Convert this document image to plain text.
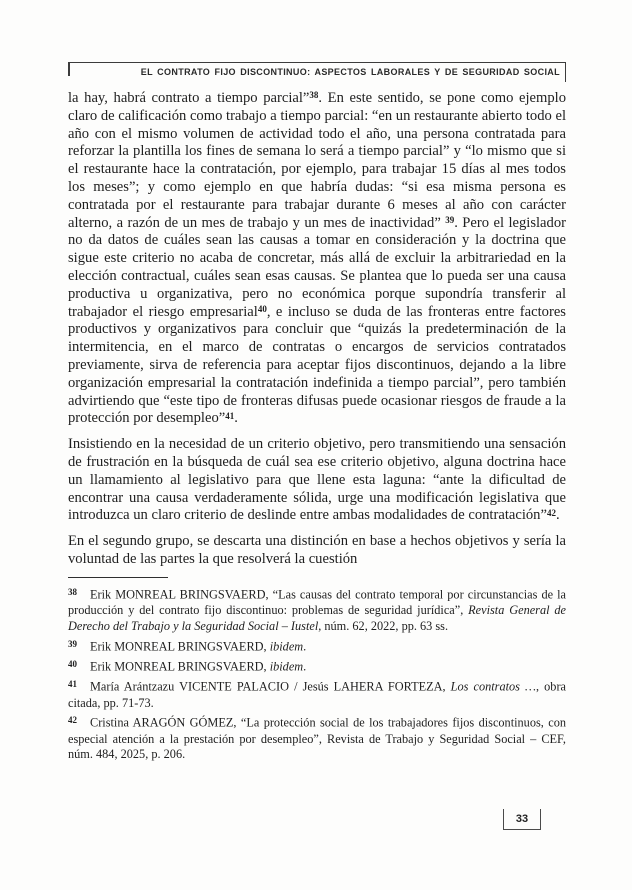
EL CONTRATO FIJO DISCONTINUO: ASPECTOS LABORALES Y DE SEGURIDAD SOCIAL

la hay, habrá contrato a tiempo parcial”$^{38}$. En este sentido, se pone como ejemplo claro de calificación como trabajo a tiempo parcial: “en un restaurante abierto todo el año con el mismo volumen de actividad todo el año, una persona contratada para reforzar la plantilla los fines de semana lo será a tiempo parcial” y “lo mismo que si el restaurante hace la contratación, por ejemplo, para trabajar 15 días al mes todos los meses”; y como ejemplo en que habría dudas: “si esa misma persona es contratada por el restaurante para trabajar durante 6 meses al año con carácter alterno, a razón de un mes de trabajo y un mes de inactividad” $^{39}$. Pero el legislador no da datos de cuáles sean las causas a tomar en consideración y la doctrina que sigue este criterio no acaba de concretar, más allá de excluir la arbitrariedad en la elección contractual, cuáles sean esas causas. Se plantea que lo pueda ser una causa productiva u organizativa, pero no económica porque supondría transferir al trabajador el riesgo empresarial$^{40}$, e incluso se duda de las fronteras entre factores productivos y organizativos para concluir que “quizás la predeterminación de la intermitencia, en el marco de contratas o encargos de servicios contratados previamente, sirva de referencia para aceptar fijos discontinuos, dejando a la libre organización empresarial la contratación indefinida a tiempo parcial”, pero también advirtiendo que “este tipo de fronteras difusas puede ocasionar riesgos de fraude a la protección por desempleo”$^{41}$.

Insistiendo en la necesidad de un criterio objetivo, pero transmitiendo una sensación de frustración en la búsqueda de cuál sea ese criterio objetivo, alguna doctrina hace un llamamiento al legislativo para que llene esta laguna: “ante la dificultad de encontrar una causa verdaderamente sólida, urge una modificación legislativa que introduzca un claro criterio de deslinde entre ambas modalidades de contratación”$^{42}$.

En el segundo grupo, se descarta una distinción en base a hechos objetivos y sería la voluntad de las partes la que resolverá la cuestión

38 Erik MONREAL BRINGSVAERD, “Las causas del contrato temporal por circunstancias de la producción y del contrato fijo discontinuo: problemas de seguridad jurídica”, Revista General de Derecho del Trabajo y la Seguridad Social – Iustel, núm. 62, 2022, pp. 63 ss.
39 Erik MONREAL BRINGSVAERD, ibidem.
40 Erik MONREAL BRINGSVAERD, ibidem.
41 María Arántzazu VICENTE PALACIO / Jesús LAHERA FORTEZA, Los contratos …, obra citada, pp. 71-73.
42 Cristina ARAGÓN GÓMEZ, “La protección social de los trabajadores fijos discontinuos, con especial atención a la prestación por desempleo”, Revista de Trabajo y Seguridad Social – CEF, núm. 484, 2025, p. 206.
33
